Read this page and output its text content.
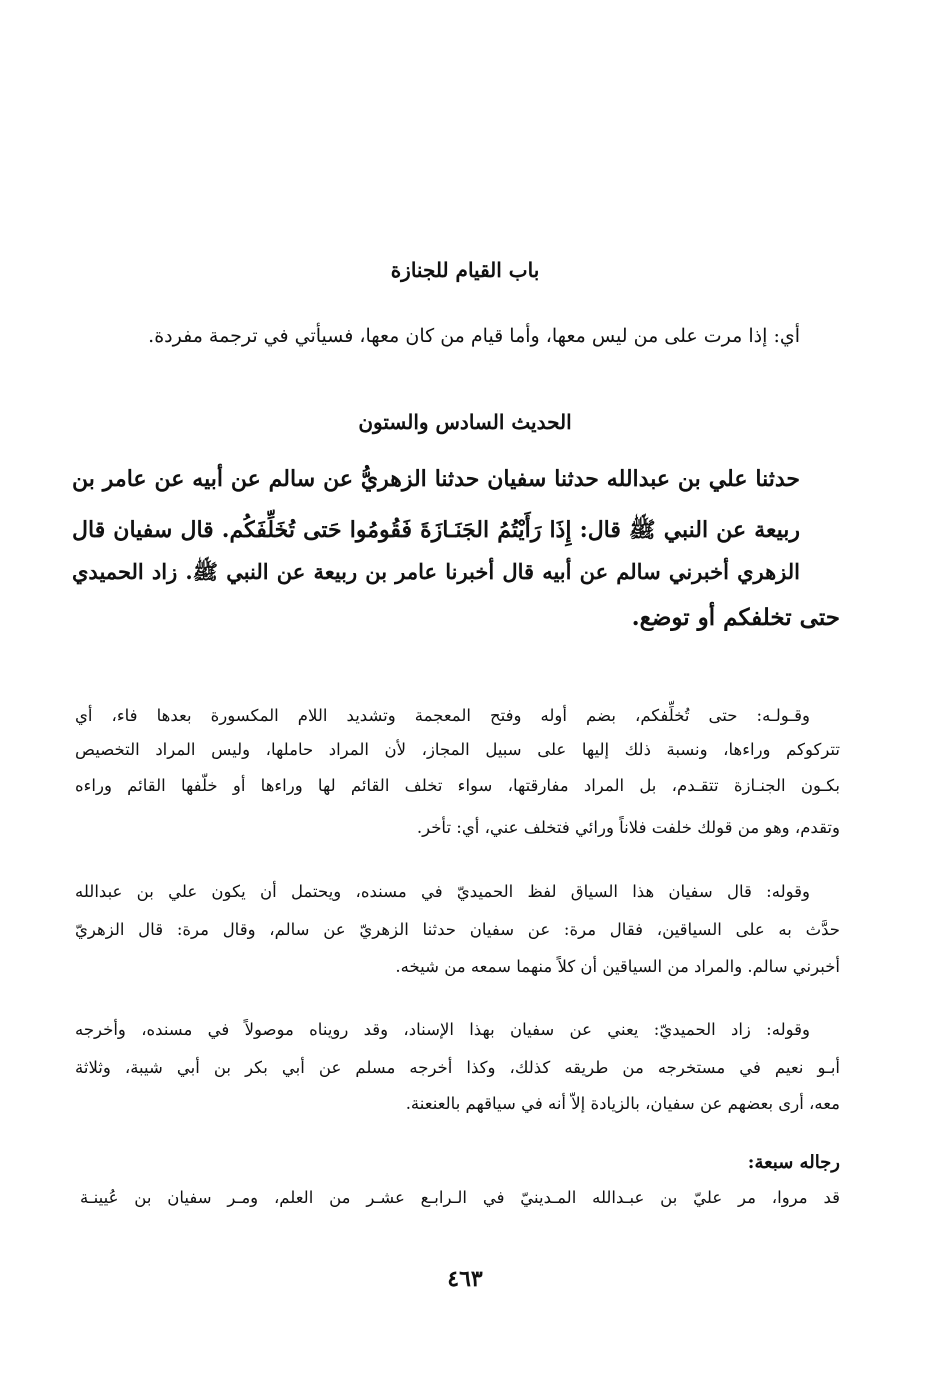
باب القيام للجنازة
أي: إذا مرت على من ليس معها، وأما قيام من كان معها، فسيأتي في ترجمة مفردة.
الحديث السادس والستون
حدثنا علي بن عبدالله حدثنا سفيان حدثنا الزهريُّ عن سالم عن أبيه عن عامر بن
ربيعة عن النبي ﷺ قال: إِذَا رَأَيْتُمُ الجَنَـازَةَ فَقُومُوا حَتى تُخَلِّفَكُم. قال سفيان قال
الزهري أخبرني سالم عن أبيه قال أخبرنا عامر بن ربيعة عن النبي ﷺ. زاد الحميدي
حتى تخلفكم أو توضع.
وقـولـه: حتى تُخلِّفكم، بضم أوله وفتح المعجمة وتشديد اللام المكسورة بعدها فاء، أي
تتركوكم وراءها، ونسبة ذلك إليها على سبيل المجاز، لأن المراد حاملها، وليس المراد التخصيص
بكـون الجنـازة تتقـدم، بل المراد مفارقتها، سواء تخلف القائم لها وراءها أو خلّفها القائم وراءه
وتقدم، وهو من قولك خلفت فلاناً ورائي فتخلف عني، أي: تأخر.
وقوله: قال سفيان هذا السياق لفظ الحميديّ في مسنده، ويحتمل أن يكون علي بن عبدالله
حدَّث به على السياقين، فقال مرة: عن سفيان حدثنا الزهريّ عن سالم، وقال مرة: قال الزهريّ
أخبرني سالم. والمراد من السياقين أن كلاً منهما سمعه من شيخه.
وقوله: زاد الحميديّ: يعني عن سفيان بهذا الإسناد، وقد رويناه موصولاً في مسنده، وأخرجه
أبـو نعيم في مستخرجه من طريقه كذلك، وكذا أخرجه مسلم عن أبي بكر بن أبي شيبة، وثلاثة
معه، أرى بعضهم عن سفيان، بالزيادة إلاّ أنه في سياقهم بالعنعنة.
رجاله سبعة:
قد مروا، مر عليّ بن عبـدالله المـدينيّ في الـرابـع عشـر من العلم، ومـر سفيان بن عُيينـة
٤٦٣
